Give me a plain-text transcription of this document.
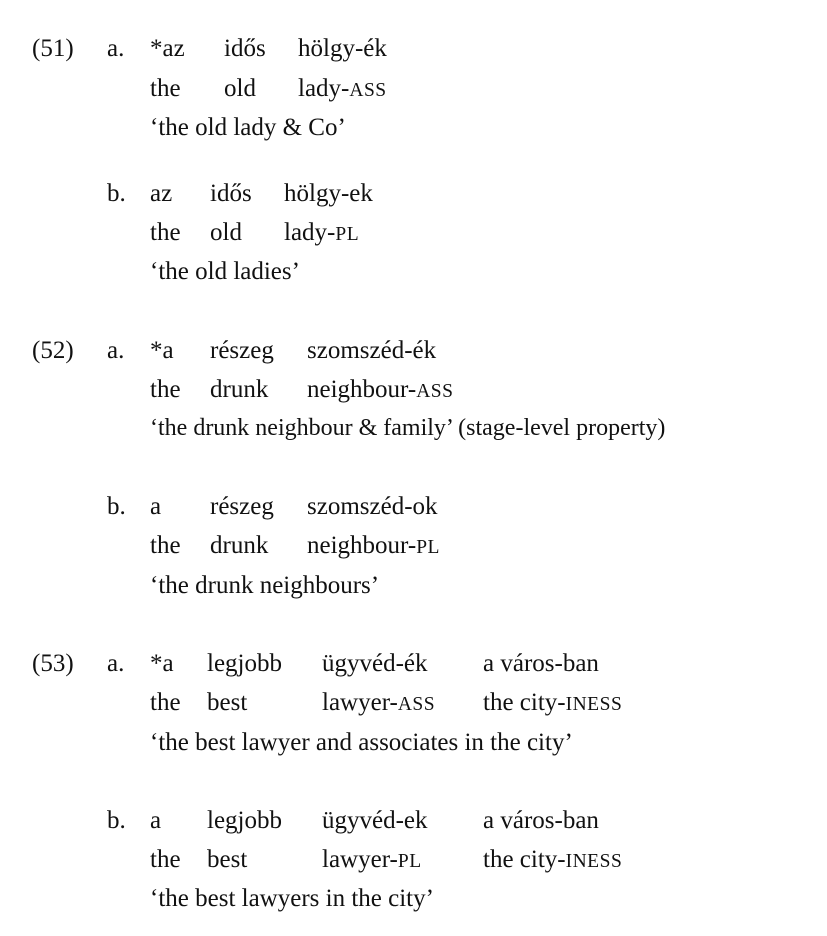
(51) a. *az idős hölgy-ék
the old lady-ASS
‘the old lady & Co’
b. az idős hölgy-ek
the old lady-PL
‘the old ladies’
(52) a. *a részeg szomszéd-ék
the drunk neighbour-ASS
‘the drunk neighbour & family’ (stage-level property)
b. a részeg szomszéd-ok
the drunk neighbour-PL
‘the drunk neighbours’
(53) a. *a legjobb ügyvéd-ék a város-ban
the best	lawyer-ASS the city-INESS
‘the best lawyer and associates in the city’
b. a legjobb ügyvéd-ek a város-ban
the best	lawyer-PL the city-INESS
‘the best lawyers in the city’
